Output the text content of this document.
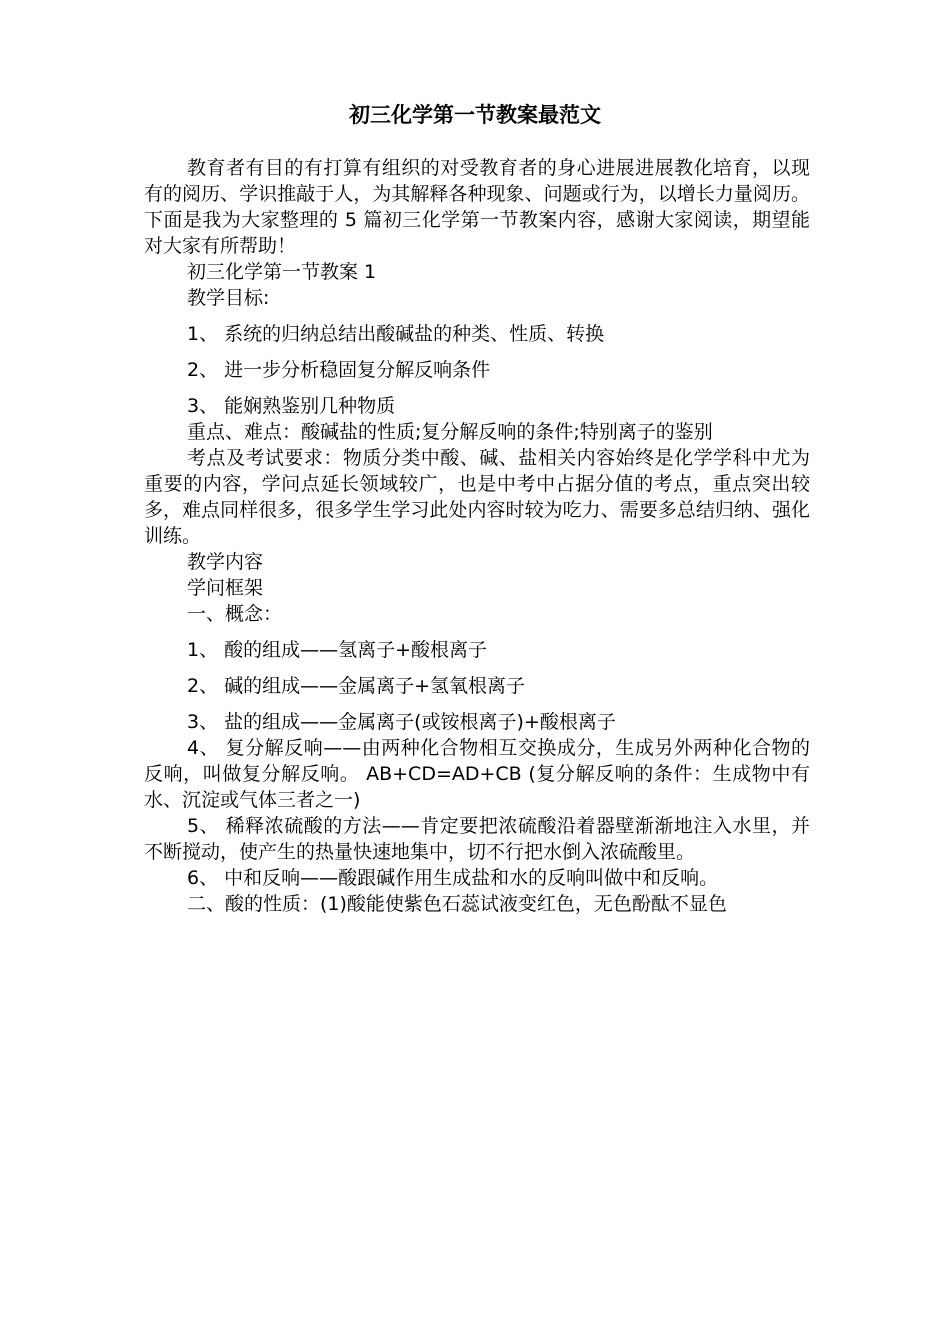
初三化学第一节教案最范文

教育者有目的有打算有组织的对受教育者的身心进展进展教化培育，以现有的阅历、学识推敲于人，为其解释各种现象、问题或行为，以增长力量阅历。下面是我为大家整理的 5 篇初三化学第一节教案内容，感谢大家阅读，期望能对大家有所帮助！

初三化学第一节教案 1

教学目标:

1、 系统的归纳总结出酸碱盐的种类、性质、转换

2、 进一步分析稳固复分解反响条件

3、 能娴熟鉴别几种物质

重点、难点：酸碱盐的性质;复分解反响的条件;特别离子的鉴别

考点及考试要求：物质分类中酸、碱、盐相关内容始终是化学学科中尤为重要的内容，学问点延长领域较广，也是中考中占据分值的考点，重点突出较多，难点同样很多，很多学生学习此处内容时较为吃力、需要多总结归纳、强化训练。

教学内容

学问框架

一、概念：

1、 酸的组成——氢离子+酸根离子

2、 碱的组成——金属离子+氢氧根离子

3、 盐的组成——金属离子(或铵根离子)+酸根离子

4、 复分解反响——由两种化合物相互交换成分，生成另外两种化合物的反响，叫做复分解反响。 AB+CD=AD+CB (复分解反响的条件：生成物中有水、沉淀或气体三者之一)

5、 稀释浓硫酸的方法——肯定要把浓硫酸沿着器壁渐渐地注入水里，并不断搅动，使产生的热量快速地集中，切不行把水倒入浓硫酸里。

6、 中和反响——酸跟碱作用生成盐和水的反响叫做中和反响。

二、酸的性质：(1)酸能使紫色石蕊试液变红色，无色酚酞不显色
